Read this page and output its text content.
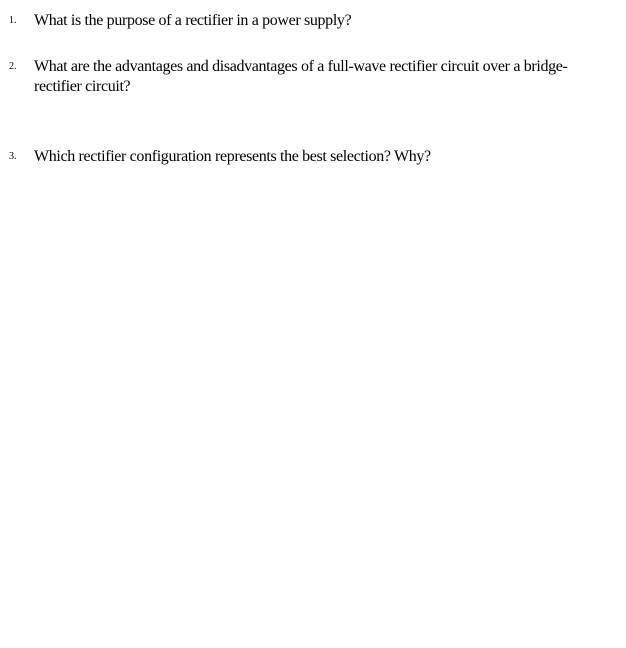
1. What is the purpose of a rectifier in a power supply?
2. What are the advantages and disadvantages of a full-wave rectifier circuit over a bridge-rectifier circuit?
3. Which rectifier configuration represents the best selection? Why?
